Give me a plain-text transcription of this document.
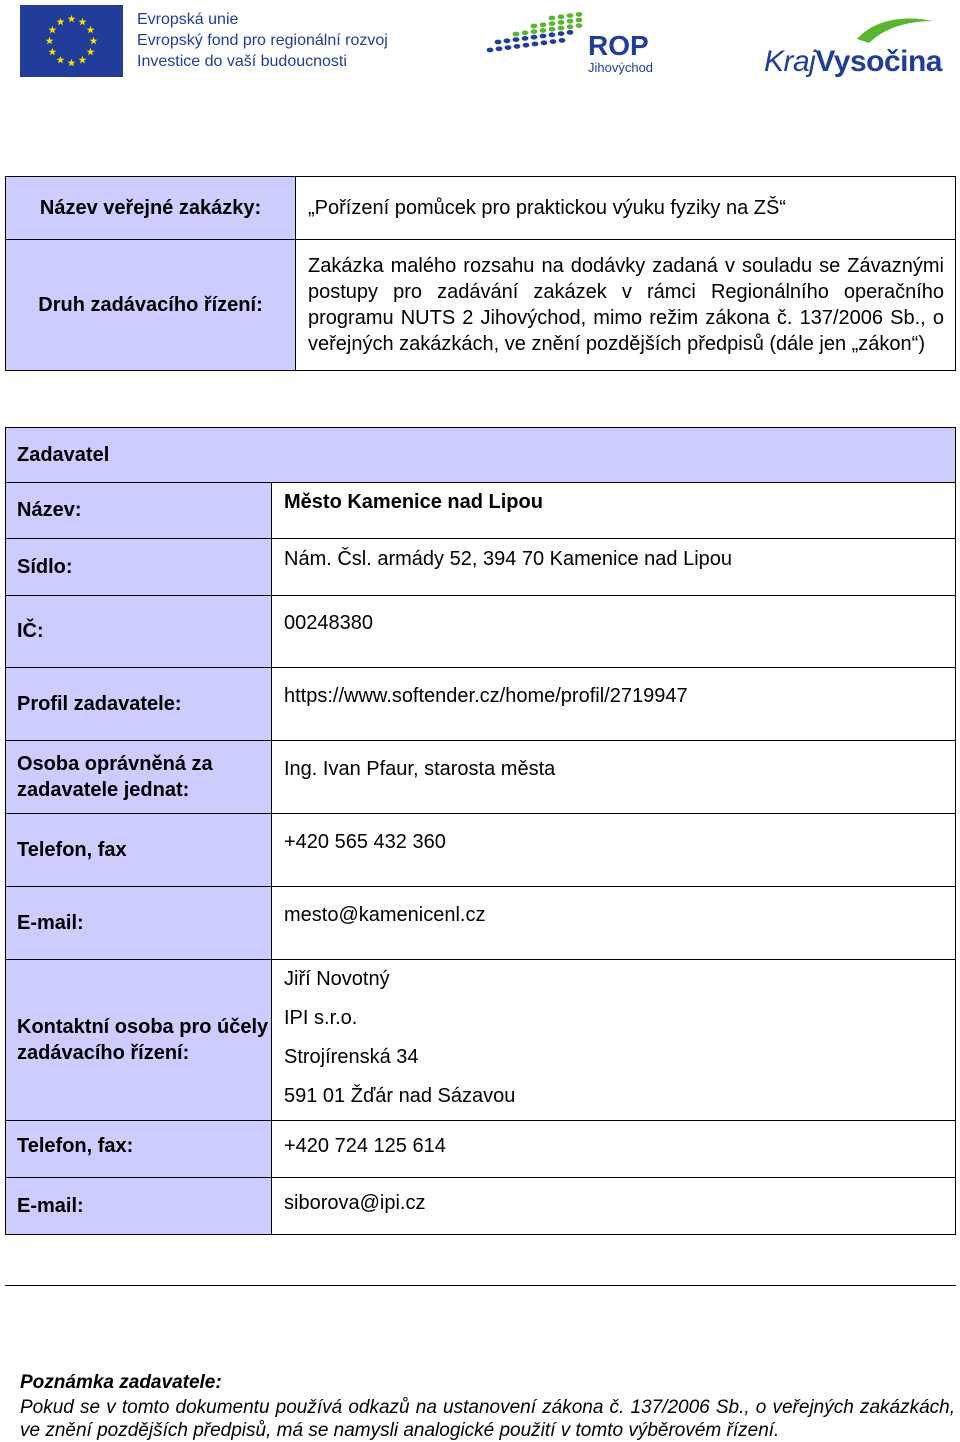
Evropská unie
Evropský fond pro regionální rozvoj
Investice do vaší budoucnosti
ROP
Jihovýchod	KrajVysočina
Název veřejné zakázky:	„Pořízení pomůcek pro praktickou výuku fyziky na ZŠ“
Druh zadávacího řízení:	Zakázka malého rozsahu na dodávky zadaná v souladu se Závaznými postupy pro zadávání zakázek v rámci Regionálního operačního programu NUTS 2 Jihovýchod, mimo režim zákona č. 137/2006 Sb., o veřejných zakázkách, ve znění pozdějších předpisů (dále jen „zákon“)
Zadavatel	
Název:	Město Kamenice nad Lipou
Sídlo:	Nám. Čsl. armády 52, 394 70 Kamenice nad Lipou
IČ:	00248380
Profil zadavatele:	https://www.softender.cz/home/profil/2719947
Osoba oprávněná za zadavatele jednat:	Ing. Ivan Pfaur, starosta města
Telefon, fax	+420 565 432 360
E-mail:	mesto@kamenicenl.cz
Kontaktní osoba pro účely zadávacího řízení:	Jiří Novotný
IPI s.r.o.
Strojírenská 34
591 01 Žďár nad Sázavou

Telefon, fax:	+420 724 125 614
E-mail:	siborova@ipi.cz
Poznámka zadavatele:
Pokud se v tomto dokumentu používá odkazů na ustanovení zákona č. 137/2006 Sb., o veřejných zakázkách, ve znění pozdějších předpisů, má se namysli analogické použití v tomto výběrovém řízení.
